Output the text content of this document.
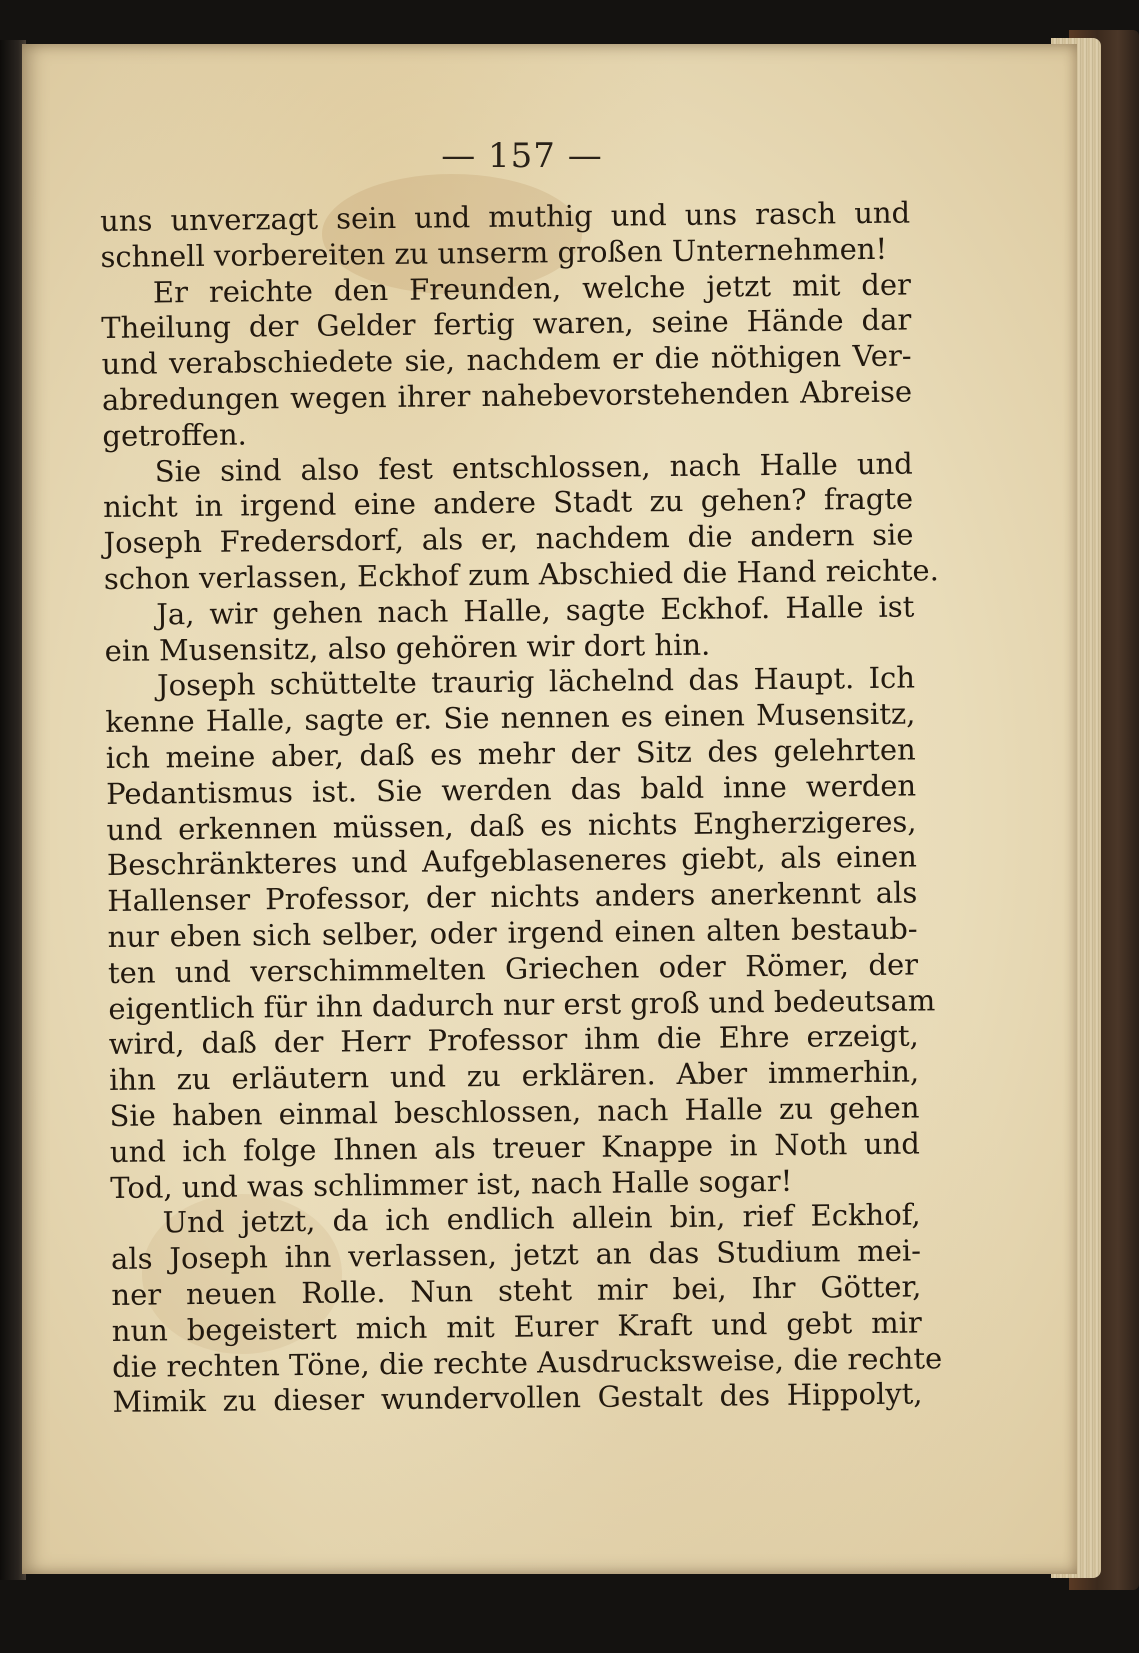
— 157 —
uns unverzagt sein und muthig und uns rasch und
schnell vorbereiten zu unserm großen Unternehmen!
Er reichte den Freunden, welche jetzt mit der
Theilung der Gelder fertig waren, seine Hände dar
und verabschiedete sie, nachdem er die nöthigen Ver-
abredungen wegen ihrer nahebevorstehenden Abreise
getroffen.
Sie sind also fest entschlossen, nach Halle und
nicht in irgend eine andere Stadt zu gehen? fragte
Joseph Fredersdorf, als er, nachdem die andern sie
schon verlassen, Eckhof zum Abschied die Hand reichte.
Ja, wir gehen nach Halle, sagte Eckhof. Halle ist
ein Musensitz, also gehören wir dort hin.
Joseph schüttelte traurig lächelnd das Haupt. Ich
kenne Halle, sagte er. Sie nennen es einen Musensitz,
ich meine aber, daß es mehr der Sitz des gelehrten
Pedantismus ist. Sie werden das bald inne werden
und erkennen müssen, daß es nichts Engherzigeres,
Beschränkteres und Aufgeblaseneres giebt, als einen
Hallenser Professor, der nichts anders anerkennt als
nur eben sich selber, oder irgend einen alten bestaub-
ten und verschimmelten Griechen oder Römer, der
eigentlich für ihn dadurch nur erst groß und bedeutsam
wird, daß der Herr Professor ihm die Ehre erzeigt,
ihn zu erläutern und zu erklären. Aber immerhin,
Sie haben einmal beschlossen, nach Halle zu gehen
und ich folge Ihnen als treuer Knappe in Noth und
Tod, und was schlimmer ist, nach Halle sogar!
Und jetzt, da ich endlich allein bin, rief Eckhof,
als Joseph ihn verlassen, jetzt an das Studium mei-
ner neuen Rolle. Nun steht mir bei, Ihr Götter,
nun begeistert mich mit Eurer Kraft und gebt mir
die rechten Töne, die rechte Ausdrucksweise, die rechte
Mimik zu dieser wundervollen Gestalt des Hippolyt,
